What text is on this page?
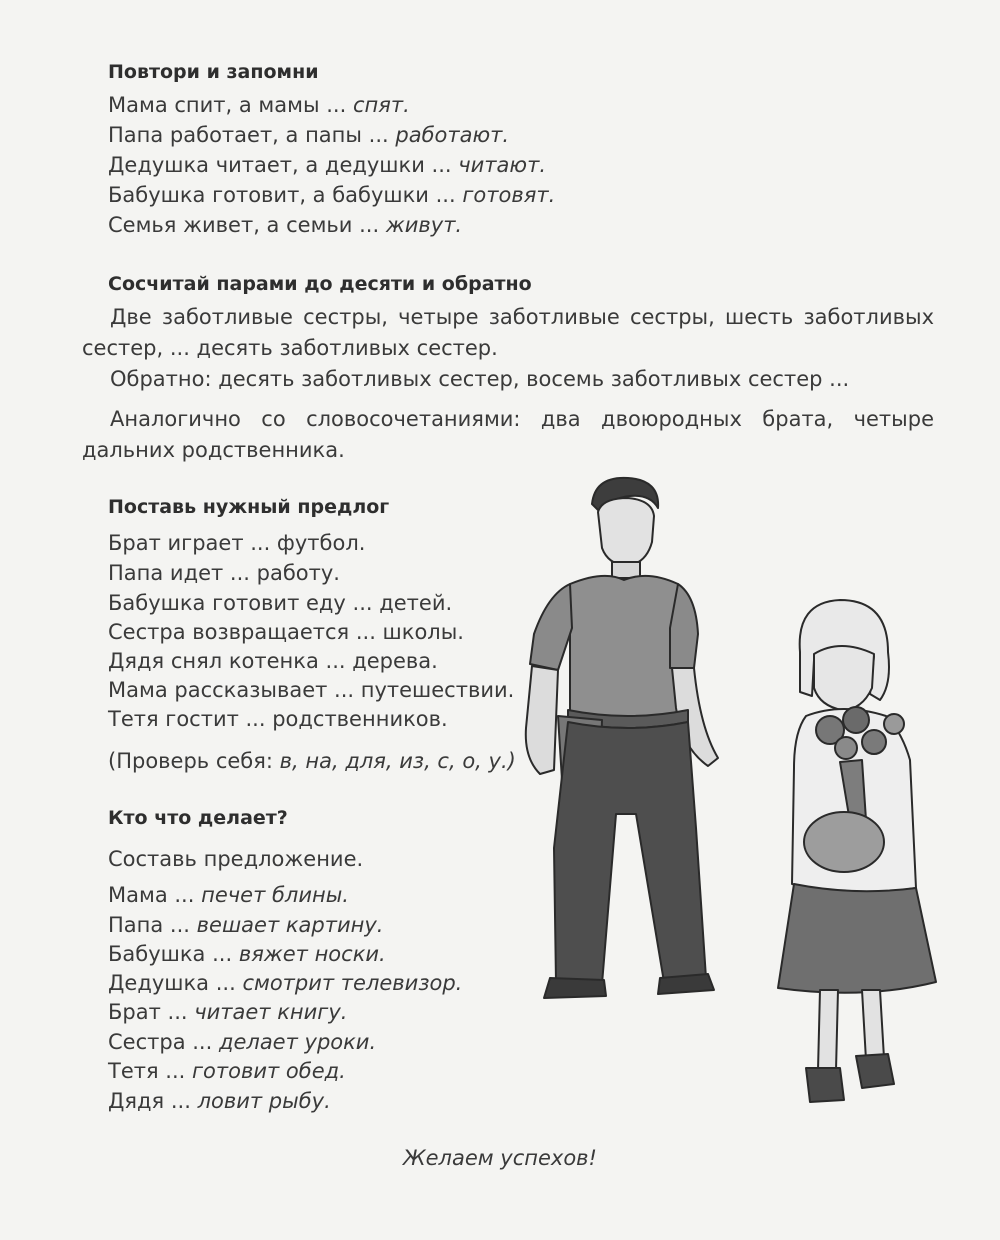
Повтори и запомни
Мама спит, а мамы ... спят.
Папа работает, а папы ... работают.
Дедушка читает, а дедушки ... читают.
Бабушка готовит, а бабушки ... готовят.
Семья живет, а семьи ... живут.
Сосчитай парами до десяти и обратно
Две заботливые сестры, четыре заботливые сестры, шесть заботливых сестер, ... десять заботливых сестер.
Обратно: десять заботливых сестер, восемь заботливых сестер ...
Аналогично со словосочетаниями: два двоюродных брата, четыре дальних родственника.
Поставь нужный предлог
Брат играет ... футбол.
Папа идет ... работу.
Бабушка готовит еду ... детей.
Сестра возвращается ... школы.
Дядя снял котенка ... дерева.
Мама рассказывает ... путешествии.
Тетя гостит ... родственников.
(Проверь себя: в, на, для, из, с, о, у.)
Кто что делает?
Составь предложение.
Мама ... печет блины.
Папа ... вешает картину.
Бабушка ... вяжет носки.
Дедушка ... смотрит телевизор.
Брат ... читает книгу.
Сестра ... делает уроки.
Тетя ... готовит обед.
Дядя ... ловит рыбу.
Желаем успехов!
